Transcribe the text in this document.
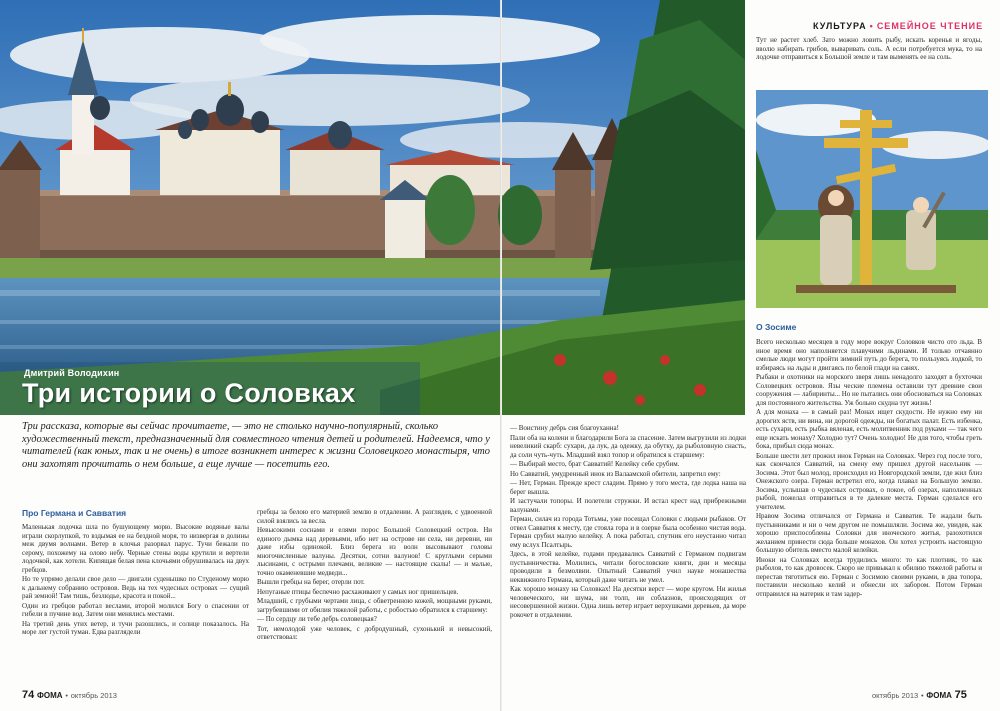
Дмитрий Володихин
Три истории о Соловках

Три рассказа, которые вы сейчас прочитаете, — это не столько научно-популярный, сколько художественный текст, предназначенный для совместного чтения детей и родителей. Надеемся, что у читателей (как юных, так и не очень) в итоге возникнет интерес к жизни Соловецкого монастыря, что они захотят прочитать о нем больше, а еще лучше — посетить его.

Про Германа и Савватия

Маленькая лодочка шла по бушующему морю. Высокие водяные валы играли скорлупкой, то вздымая ее на бездной моря, то низвергая в долины меж двумя волнами. Ветер в клочья разорвал парус. Тучи бежали по серому, похожему на олово небу. Черные стены воды крутили и вертели лодочкой, как хотели. Кипящая белая пена клочьями обрушивалась на двух гребцов.

Но те упрямо делали свое дело — двигали суденышко по Студеному морю к дальнему собранию островов. Ведь на тех чудесных островах — сущий рай земной! Там тишь, безлюдье, красота и покой...

Один из гребцов работал веслами, второй молился Богу о спасении от гибели в пучине вод. Затем они менялись местами.

На третий день утих ветер, и тучи разошлись, и солнце показалось. На море лег густой туман. Едва разглядели

гребцы за белою его материей землю в отдалении. А разглядев, с удвоенной силой взялись за весла.

Невысокими соснами и елями порос Большой Соловецкий остров. Ни единого дымка над деревьями, ибо нет на острове ни села, ни деревни, ни даже избы одинокой. Близ берега из волн высовывают головы многочисленные валуны. Десятки, сотни валунов! С круглыми серыми лысинами, с острыми плечами, великие — настоящие скалы! — и малые, точно окаменевшие медведи...

Вышли гребцы на берег, отерли пот.

Непуганые птицы беспечно расхаживают у самых ног пришельцев.

Младший, с грубыми чертами лица, с обветренною кожей, мощными руками, загрубевшими от обилия тяжелой работы, с робостью обратился к старшему:

— По сердцу ли тебе дебрь соловецкая?

Тот, немолодой уже человек, с добродушный, сухонький и невысокий, ответствовал:

КУЛЬТУРА • СЕМЕЙНОЕ ЧТЕНИЕ

Тут не растет хлеб. Зато можно ловить рыбу, искать коренья и ягоды, вволю набирать грибов, вываривать соль. А если потребуется мука, то на лодочке отправиться к Большой земле и там выменять ее на соль.

О Зосиме

— Воистину дебрь сия благоуханна!

Пали оба на колени и благодарили Бога за спасение. Затем выгрузили из лодки невеликий скарб: сухари, да лук, да одежку, да обутку, да рыболовную снасть, да соли чуть-чуть. Младший взял топор и обратился к старшему:

— Выбирай место, брат Савватий! Келейку себе срубим.

Но Савватий, умудренный инок из Валаамской обители, запретил ему:

— Нет, Герман. Прежде крест сладим. Прямо у того места, где лодка наша на берег вышла.

И застучали топоры. И полетели стружки. И встал крест над прибрежными валунами.

Герман, силач из города Тотьмы, уже посещал Соловки с людьми рыбаков. От отвел Савватия к месту, где стояла гора и в озерке была особенно чистая вода. Герман срубил малую келейку. А пока работал, спутник его неустанно читал ему вслух Псалтырь.

Здесь, в этой келейке, годами предавались Савватий с Германом подвигам пустынничества. Молились, читали богословские книги, дни и месяцы проводили в безмолвии. Опытный Савватий учил науке монашества неквижного Германа, который даже читать не умел.

Как хорошо монаху на Соловках! На десятки верст — море кругом. Ни жилья человеческого, ни шума, ни толп, ни соблазнов, происходящих от несовершенной жизни. Одна лишь ветер играет верхушками деревьев, да море рокочет в отдалении.

Всего несколько месяцев в году море вокруг Соловков чисто ото льда. В иное время оно наполняется плавучими льдинами. И только отчаянно смелые люди могут пройти зимний путь до берега, то пользуясь лодкой, то взбираясь на льды и двигаясь по белой глади на санях.

Рыбаки и охотники на морского зверя лишь ненадолго заходят в бухточки Соловецких островов. Язы ческие племена оставили тут древние свои сооружения — лабиринты... Но не пытались они обосноваться на Соловках для постоянного жительства. Уж больно скудна тут жизнь!

А для монаха — в самый раз! Монах ищет скудости. Не нужно ему ни дорогих яств, ни вина, ни дорогой одежды, ни богатых палат. Есть избенка, есть сухари, есть рыбка вяленая, есть молитвенник под руками — так чего еще искать монаху? Холодно тут? Очень холодно! Не для того, чтобы греть бока, прибыл сюда монах.

Больше шести лет прожил инок Герман на Соловках. Через год после того, как скончался Савватий, на смену ему пришел другой насельник — Зосима. Этот был молод, происходил из Новгородской земли, где жил близ Онежского озера. Герман встретил его, когда плавал на Большую землю. Зосима, услышав о чудесных островах, о покое, об озерах, наполненных рыбой, пожелал отправиться в те далекие места. Герман сделался его учителем.

Нравом Зосима отличался от Германа и Савватия. Те жадали быть пустынниками и ни о чем другом не помышляли. Зосима же, увидев, как хорошо приспособлены Соловки для иноческого житья, разохотился желанием принести сюда больше монахов. Он хотел устроить настоящую большую обитель вместо малой келейки.

Иноки на Соловках всегда трудились много: то как плотник, то как рыболов, то как дровосек. Скоро не привыкал к обилию тяжелой работы и перестав тяготиться ею. Герман с Зосимою своими руками, в два топора, поставили несколько келий и обнесли их забором. Потом Герман отправился на материк и там задер-

74 ФОМА • октябрь 2013	октябрь 2013 • ФОМА 75
